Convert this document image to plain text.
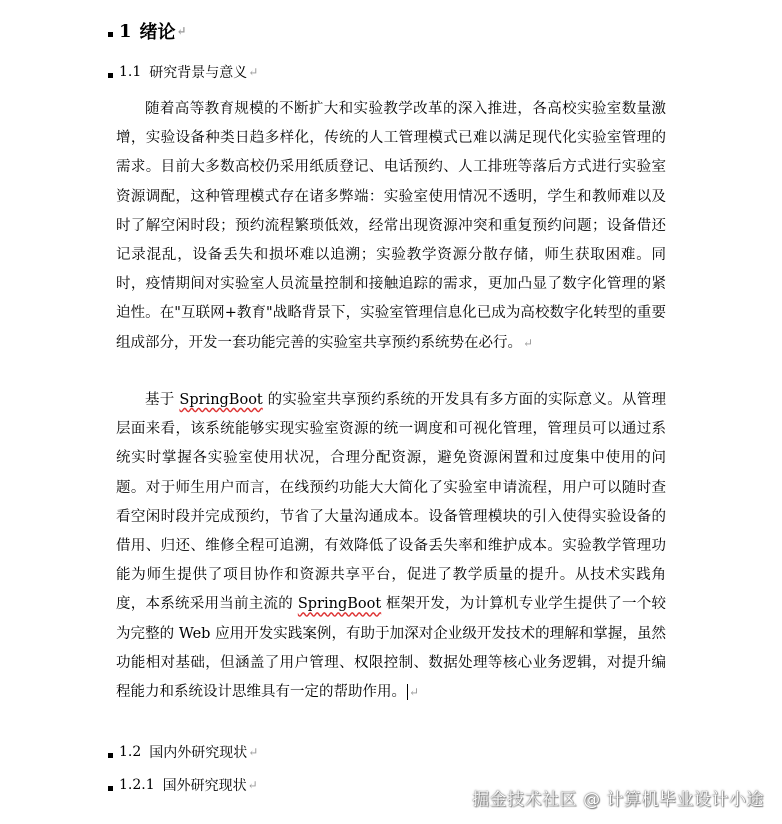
1 绪论 ↵
1.1 研究背景与意义 ↵
随着高等教育规模的不断扩大和实验教学改革的深入推进，各高校实验室数量激增，实验设备种类日趋多样化，传统的人工管理模式已难以满足现代化实验室管理的需求。目前大多数高校仍采用纸质登记、电话预约、人工排班等落后方式进行实验室资源调配，这种管理模式存在诸多弊端：实验室使用情况不透明，学生和教师难以及时了解空闲时段；预约流程繁琐低效，经常出现资源冲突和重复预约问题；设备借还记录混乱，设备丢失和损坏难以追溯；实验教学资源分散存储，师生获取困难。同时，疫情期间对实验室人员流量控制和接触追踪的需求，更加凸显了数字化管理的紧迫性。在"互联网+教育"战略背景下，实验室管理信息化已成为高校数字化转型的重要组成部分，开发一套功能完善的实验室共享预约系统势在必行。↵
基于 SpringBoot 的实验室共享预约系统的开发具有多方面的实际意义。从管理层面来看，该系统能够实现实验室资源的统一调度和可视化管理，管理员可以通过系统实时掌握各实验室使用状况，合理分配资源，避免资源闲置和过度集中使用的问题。对于师生用户而言，在线预约功能大大简化了实验室申请流程，用户可以随时查看空闲时段并完成预约，节省了大量沟通成本。设备管理模块的引入使得实验设备的借用、归还、维修全程可追溯，有效降低了设备丢失率和维护成本。实验教学管理功能为师生提供了项目协作和资源共享平台，促进了教学质量的提升。从技术实践角度，本系统采用当前主流的 SpringBoot 框架开发，为计算机专业学生提供了一个较为完整的 Web 应用开发实践案例，有助于加深对企业级开发技术的理解和掌握，虽然功能相对基础，但涵盖了用户管理、权限控制、数据处理等核心业务逻辑，对提升编程能力和系统设计思维具有一定的帮助作用。 ↵
1.2 国内外研究现状 ↵
1.2.1 国外研究现状 ↵
掘金技术社区 @ 计算机毕业设计小途
